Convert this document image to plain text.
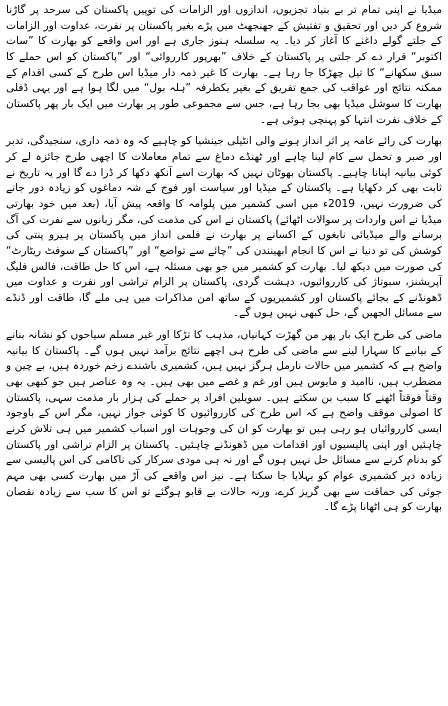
میڈیا نے اپنی تمام تر بے بنیاد تجزیوں، اندازوں اور الزامات کی توپیں پاکستان کی سرحد پر گاڑنا شروع کر دیں اور تحقیق و تفتیش کے جھنجھٹ میں پڑے بغیر پاکستان پر نفرت، عداوت اور الزامات کے جلتے گولے داغنے کا آغاز کر دیا۔ یہ سلسلہ ہنوز جاری ہے اور اس واقعے کو بھارت کا ”سات اکتوبر“ قرار دے کر جلتی پر پاکستان کے خلاف ”بھرپور کارروائی“ اور ”پاکستان کو اس حملے کا سبق سکھانے“ کا تیل چھڑکا جا رہا ہے۔ بھارت کا غیر ذمہ دار میڈیا اس طرح کے کسی اقدام کے ممکنہ نتائج اور عواقب کی جمع تفریق کے بغیر یکطرفہ ”ہلہ بول“ میں لگا ہوا ہے اور یہی ڈفلی بھارت کا سوشل میڈیا بھی بجا رہا ہے، جس سے مجموعی طور پر بھارت میں ایک بار پھر پاکستان کے خلاف نفرت انتہا کو پہنچی ہوئی ہے۔

بھارت کی رائے عامہ پر اثر انداز ہونے والی انٹیلی جینشیا کو چاہیے کہ وہ ذمہ داری، سنجیدگی، تدبر اور صبر و تحمل سے کام لینا چاہے اور ٹھنڈے دماغ سے تمام معاملات کا اچھی طرح جائزہ لے کر کوئی بیانیہ اپنانا چاہیے۔ پاکستان بھوٹان نہیں کہ بھارت اسے آنکھ دکھا کر ڈرا دے گا اور یہ تاریخ نے ثابت بھی کر دکھایا ہے۔ پاکستان کے میڈیا اور سیاست اور فوج کے شہ دماغوں کو زیادہ دور جانے کی ضرورت نہیں، 2019ء میں اسی کشمیر میں پلوامہ کا واقعہ پیش آیا، (بعد میں خود بھارتی میڈیا نے اس واردات پر سوالات اٹھائے) پاکستان نے اس کی مذمت کی، مگر زبانوں سے نفرت کی آگ برسانے والے میڈیائی نابغوں کے اکسانے پر بھارت نے فلمی انداز میں پاکستان پر ہیرو پنتی کی کوشش کی تو دنیا نے اس کا انجام ابھینندن کی ”چائے سے تواضع“ اور ”پاکستان کے سوفٹ ریٹارٹ“ کی صورت میں دیکھ لیا۔ بھارت کو کشمیر میں جو بھی مسئلہ ہے، اس کا حل طاقت، فالس فلیگ آپریشنز، سبوتاژ کی کارروائیوں، دہشت گردی، پاکستان پر الزام تراشی اور نفرت و عداوت میں ڈھونڈنے کے بجائے پاکستان اور کشمیریوں کے ساتھ امن مذاکرات میں ہی ملے گا، طاقت اور ڈنڈے سے مسائل الجھیں گے، حل کبھی نہیں ہوں گے۔

ماضی کی طرح ایک بار پھر من گھڑت کہانیاں، مذہب کا تڑکا اور غیر مسلم سیاحوں کو نشانہ بنانے کے بیانیے کا سہارا لینے سے ماضی کی طرح ہی اچھے نتائج برآمد نہیں ہوں گے۔ پاکستان کا بیانیہ واضح ہے کہ کشمیر میں حالات نارمل ہرگز نہیں ہیں، کشمیری باشندے زخم خوردہ ہیں، بے چین و مضطرب ہیں، ناامید و مایوس ہیں اور غم و غصے میں بھی ہیں۔ یہ وہ عناصر ہیں جو کبھی بھی وقتاً فوقتاً اٹھنے کا سبب بن سکتے ہیں۔ سویلین افراد پر حملے کی ہزار بار مذمت سہی، پاکستان کا اصولی موقف واضح ہے کہ اس طرح کی کارروائیوں کا کوئی جواز نہیں، مگر اس کے باوجود ایسی کارروائیاں ہو رہی ہیں تو بھارت کو ان کی وجوہات اور اسباب کشمیر میں ہی تلاش کرنے چاہئیں اور اپنی پالیسیوں اور اقدامات میں ڈھونڈنے چاہئیں۔ پاکستان پر الزام تراشی اور پاکستان کو بدنام کرنے سے مسائل حل نہیں ہوں گے اور نہ ہی مودی سرکار کی ناکامی کی اس پالیسی سے زیادہ دیر کشمیری عوام کو بہلایا جا سکتا ہے۔ نیز اس واقعے کی آڑ میں بھارت کسی بھی مہم جوئی کی حماقت سے بھی گریز کرے، ورنہ حالات بے قابو ہوگئے تو اس کا سب سے زیادہ نقصان بھارت کو ہی اٹھانا پڑے گا۔
